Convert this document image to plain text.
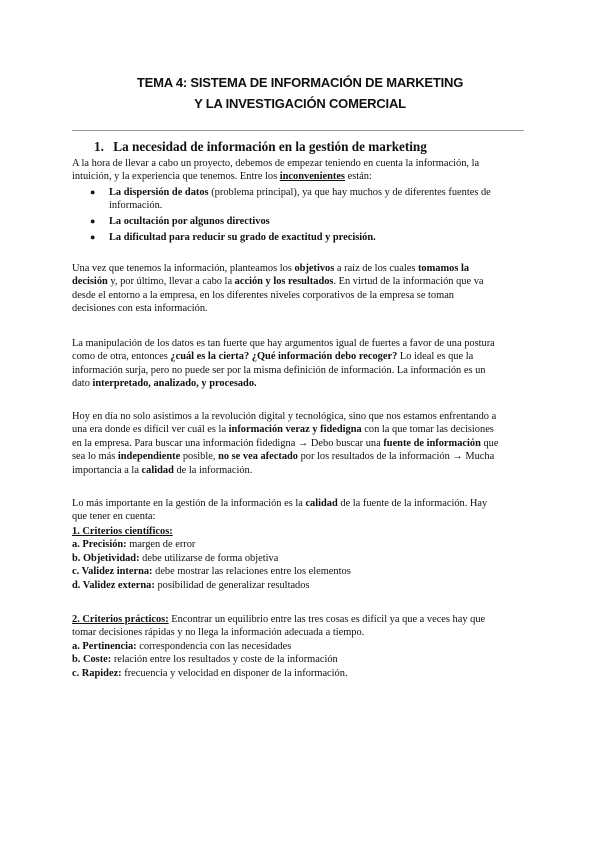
TEMA 4: SISTEMA DE INFORMACIÓN DE MARKETING
Y LA INVESTIGACIÓN COMERCIAL
1. La necesidad de información en la gestión de marketing
A la hora de llevar a cabo un proyecto, debemos de empezar teniendo en cuenta la información, la
intuición, y la experiencia que tenemos. Entre los inconvenientes están:
● La dispersión de datos (problema principal), ya que hay muchos y de diferentes fuentes de
información.
● La ocultación por algunos directivos
● La dificultad para reducir su grado de exactitud y precisión.
Una vez que tenemos la información, planteamos los objetivos a raíz de los cuales tomamos la
decisión y, por último, llevar a cabo la acción y los resultados. En virtud de la información que va
desde el entorno a la empresa, en los diferentes niveles corporativos de la empresa se toman
decisiones con esta información.
La manipulación de los datos es tan fuerte que hay argumentos igual de fuertes a favor de una postura
como de otra, entonces ¿cuál es la cierta? ¿Qué información debo recoger? Lo ideal es que la
información surja, pero no puede ser por la misma definición de información. La información es un
dato interpretado, analizado, y procesado.
Hoy en día no solo asistimos a la revolución digital y tecnológica, sino que nos estamos enfrentando a
una era donde es difícil ver cuál es la información veraz y fidedigna con la que tomar las decisiones
en la empresa. Para buscar una información fidedigna → Debo buscar una fuente de información que
sea lo más independiente posible, no se vea afectado por los resultados de la información → Mucha
importancia a la calidad de la información.
Lo más importante en la gestión de la información es la calidad de la fuente de la información. Hay
que tener en cuenta:
1. Criterios científicos:
a. Precisión: margen de error
b. Objetividad: debe utilizarse de forma objetiva
c. Validez interna: debe mostrar las relaciones entre los elementos
d. Validez externa: posibilidad de generalizar resultados
2. Criterios prácticos: Encontrar un equilibrio entre las tres cosas es difícil ya que a veces hay que
tomar decisiones rápidas y no llega la información adecuada a tiempo.
a. Pertinencia: correspondencia con las necesidades
b. Coste: relación entre los resultados y coste de la información
c. Rapidez: frecuencia y velocidad en disponer de la información.
